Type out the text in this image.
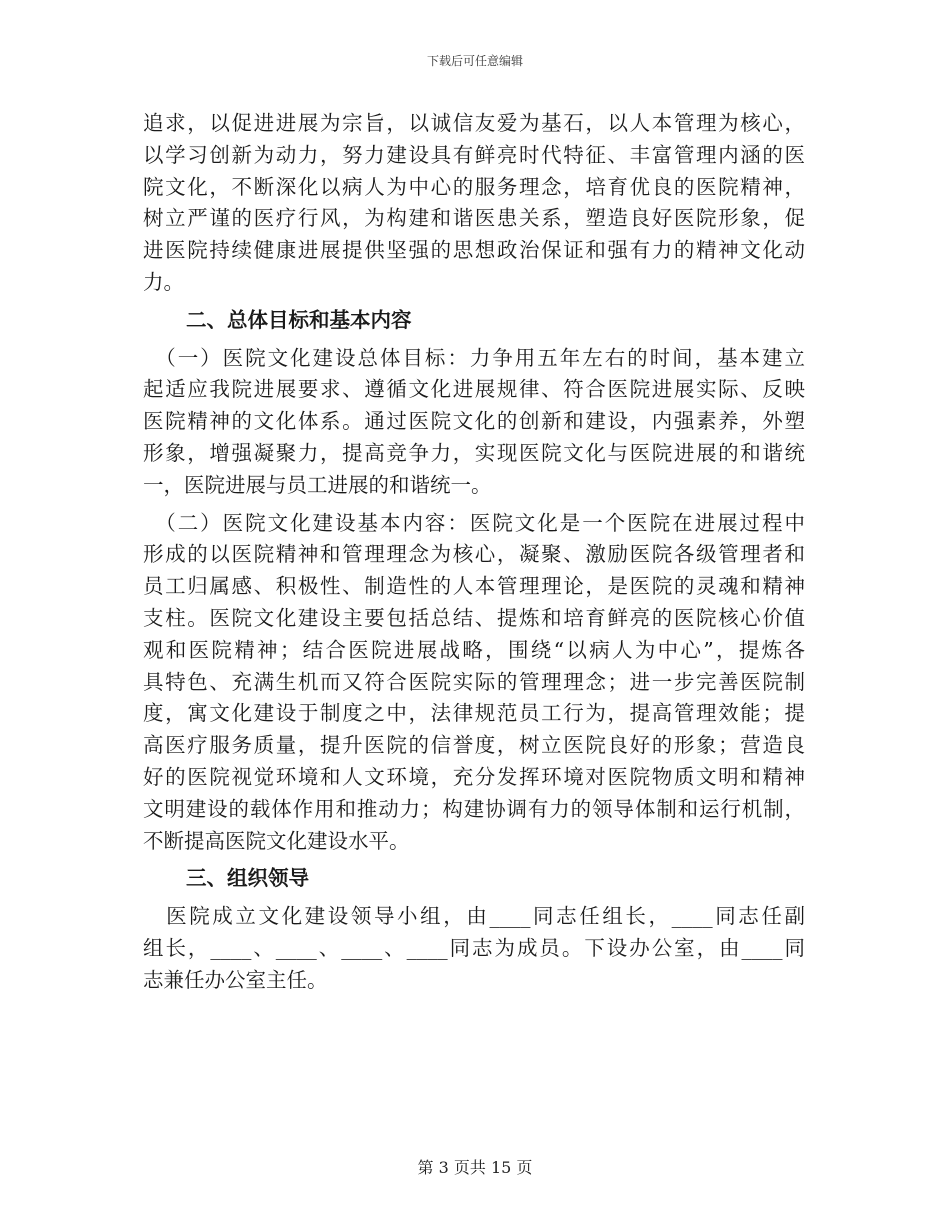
下载后可任意编辑
追求，以促进进展为宗旨，以诚信友爱为基石，以人本管理为核心，
以学习创新为动力，努力建设具有鲜亮时代特征、丰富管理内涵的医
院文化，不断深化以病人为中心的服务理念，培育优良的医院精神，
树立严谨的医疗行风，为构建和谐医患关系，塑造良好医院形象，促
进医院持续健康进展提供坚强的思想政治保证和强有力的精神文化动
力。
二、总体目标和基本内容
　（一）医院文化建设总体目标：力争用五年左右的时间，基本建立
起适应我院进展要求、遵循文化进展规律、符合医院进展实际、反映
医院精神的文化体系。通过医院文化的创新和建设，内强素养，外塑
形象，增强凝聚力，提高竞争力，实现医院文化与医院进展的和谐统
一，医院进展与员工进展的和谐统一。
　（二）医院文化建设基本内容：医院文化是一个医院在进展过程中
形成的以医院精神和管理理念为核心，凝聚、激励医院各级管理者和
员工归属感、积极性、制造性的人本管理理论，是医院的灵魂和精神
支柱。医院文化建设主要包括总结、提炼和培育鲜亮的医院核心价值
观和医院精神；结合医院进展战略，围绕“以病人为中心”，提炼各
具特色、充满生机而又符合医院实际的管理理念；进一步完善医院制
度，寓文化建设于制度之中，法律规范员工行为，提高管理效能；提
高医疗服务质量，提升医院的信誉度，树立医院良好的形象；营造良
好的医院视觉环境和人文环境，充分发挥环境对医院物质文明和精神
文明建设的载体作用和推动力；构建协调有力的领导体制和运行机制，
不断提高医院文化建设水平。
三、组织领导
　医院成立文化建设领导小组，由____同志任组长，____同志任副
组长，____、____、____、____同志为成员。下设办公室，由____同
志兼任办公室主任。
第 3 页共 15 页
